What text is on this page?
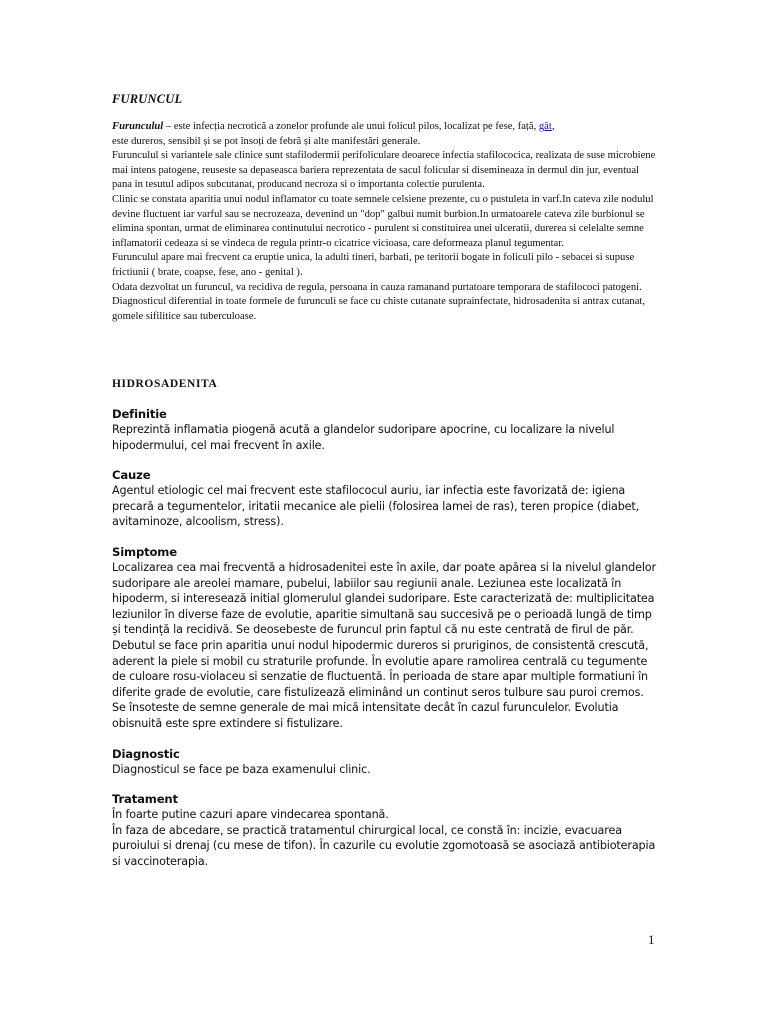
FURUNCUL

Furunculul – este infecția necrotică a zonelor profunde ale unui folicul pilos, localizat pe fese, față, gât,

este dureros, sensibil și se pot însoți de febră și alte manifestări generale.

Furunculul si variantele sale clinice sunt stafilodermii perifoliculare deoarece infectia stafilococica, realizata de suse microbiene mai intens patogene, reuseste sa depaseasca bariera reprezentata de sacul folicular si disemineaza in dermul din jur, eventual pana in tesutul adipos subcutanat, producand necroza si o importanta colectie purulenta.

Clinic se constata aparitia unui nodul inflamator cu toate semnele celsiene prezente, cu o pustuleta in varf.In cateva zile nodulul devine fluctuent iar varful sau se necrozeaza, devenind un "dop" galbui numit burbion.In urmatoarele cateva zile burbionul se elimina spontan, urmat de eliminarea continutului necrotico - purulent si constituirea unei ulceratii, durerea si celelalte semne inflamatorii cedeaza si se vindeca de regula printr-o cicatrice vicioasa, care deformeaza planul tegumentar.

Furunculul apare mai frecvent ca eruptie unica, la adulti tineri, barbati, pe teritorii bogate in foliculi pilo - sebacei si supuse frictiunii ( brate, coapse, fese, ano - genital ).

Odata dezvoltat un furuncul, va recidiva de regula, persoana in cauza ramanand purtatoare temporara de stafilococi patogeni.

Diagnosticul diferential in toate formele de furunculi se face cu chiste cutanate suprainfectate, hidrosadenita si antrax cutanat, gomele sifilitice sau tuberculoase.

HIDROSADENITA

Definitie

Reprezintă inflamatia piogenă acută a glandelor sudoripare apocrine, cu localizare la nivelul hipodermului, cel mai frecvent în axile.

Cauze

Agentul etiologic cel mai frecvent este stafilococul auriu, iar infectia este favorizată de: igiena precară a tegumentelor, iritatii mecanice ale pielii (folosirea lamei de ras), teren propice (diabet, avitaminoze, alcoolism, stress).

Simptome

Localizarea cea mai frecventă a hidrosadenitei este în axile, dar poate apărea si la nivelul glandelor sudoripare ale areolei mamare, pubelui, labiilor sau regiunii anale. Leziunea este localizată în hipoderm, si interesează initial glomerulul glandei sudoripare. Este caracterizată de: multiplicitatea leziunilor în diverse faze de evolutie, aparitie simultană sau succesivă pe o perioadă lungă de timp și tendință la recidivă. Se deosebeste de furuncul prin faptul că nu este centrată de firul de păr.

Debutul se face prin aparitia unui nodul hipodermic dureros si pruriginos, de consistentă crescută, aderent la piele si mobil cu straturile profunde. În evolutie apare ramolirea centrală cu tegumente de culoare rosu-violaceu si senzatie de fluctuentă. În perioada de stare apar multiple formatiuni în diferite grade de evolutie, care fistulizează eliminând un continut seros tulbure sau puroi cremos. Se însoteste de semne generale de mai mică intensitate decât în cazul furunculelor. Evolutia obisnuită este spre extindere si fistulizare.

Diagnostic

Diagnosticul se face pe baza examenului clinic.

Tratament

În foarte putine cazuri apare vindecarea spontană.

În faza de abcedare, se practică tratamentul chirurgical local, ce constă în: incizie, evacuarea puroiului si drenaj (cu mese de tifon). În cazurile cu evolutie zgomotoasă se asociază antibioterapia si vaccinoterapia.

1
